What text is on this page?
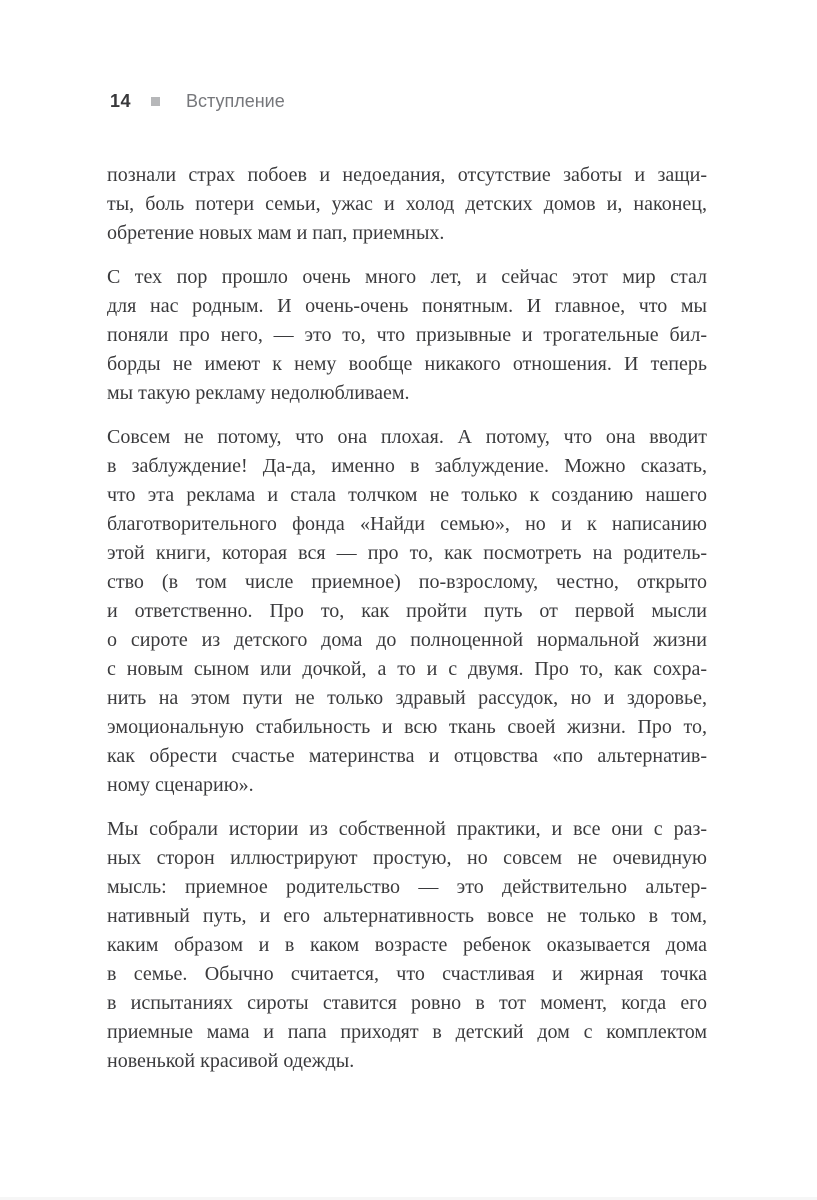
14	Вступление
познали страх побоев и недоедания, отсутствие заботы и защи-
ты, боль потери семьи, ужас и холод детских домов и, наконец,
обретение новых мам и пап, приемных.
С тех пор прошло очень много лет, и сейчас этот мир стал
для нас родным. И очень-очень понятным. И главное, что мы
поняли про него, — это то, что призывные и трогательные бил-
борды не имеют к нему вообще никакого отношения. И теперь
мы такую рекламу недолюбливаем.
Совсем не потому, что она плохая. А потому, что она вводит
в заблуждение! Да-да, именно в заблуждение. Можно сказать,
что эта реклама и стала толчком не только к созданию нашего
благотворительного фонда «Найди семью», но и к написанию
этой книги, которая вся — про то, как посмотреть на родитель-
ство (в том числе приемное) по-взрослому, честно, открыто
и ответственно. Про то, как пройти путь от первой мысли
о сироте из детского дома до полноценной нормальной жизни
с новым сыном или дочкой, а то и с двумя. Про то, как сохра-
нить на этом пути не только здравый рассудок, но и здоровье,
эмоциональную стабильность и всю ткань своей жизни. Про то,
как обрести счастье материнства и отцовства «по альтернатив-
ному сценарию».
Мы собрали истории из собственной практики, и все они с раз-
ных сторон иллюстрируют простую, но совсем не очевидную
мысль: приемное родительство — это действительно альтер-
нативный путь, и его альтернативность вовсе не только в том,
каким образом и в каком возрасте ребенок оказывается дома
в семье. Обычно считается, что счастливая и жирная точка
в испытаниях сироты ставится ровно в тот момент, когда его
приемные мама и папа приходят в детский дом с комплектом
новенькой красивой одежды.
